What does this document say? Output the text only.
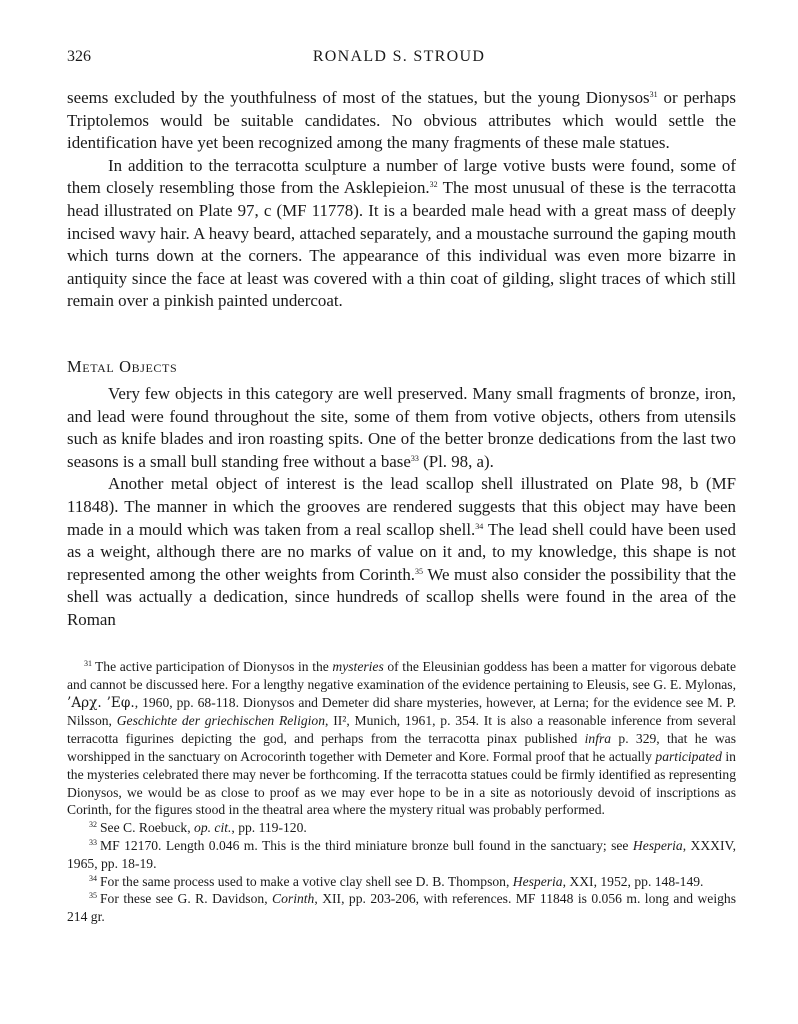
326	RONALD S. STROUD

seems excluded by the youthfulness of most of the statues, but the young Dionysos$^{31}$ or perhaps Triptolemos would be suitable candidates. No obvious attributes which would settle the identification have yet been recognized among the many fragments of these male statues.

In addition to the terracotta sculpture a number of large votive busts were found, some of them closely resembling those from the Asklepieion.$^{32}$ The most unusual of these is the terracotta head illustrated on Plate 97, c (MF 11778). It is a bearded male head with a great mass of deeply incised wavy hair. A heavy beard, attached separately, and a moustache surround the gaping mouth which turns down at the corners. The appearance of this individual was even more bizarre in antiquity since the face at least was covered with a thin coat of gilding, slight traces of which still remain over a pinkish painted undercoat.

Metal Objects

Very few objects in this category are well preserved. Many small fragments of bronze, iron, and lead were found throughout the site, some of them from votive objects, others from utensils such as knife blades and iron roasting spits. One of the better bronze dedications from the last two seasons is a small bull standing free without a base$^{33}$ (Pl. 98, a).

Another metal object of interest is the lead scallop shell illustrated on Plate 98, b (MF 11848). The manner in which the grooves are rendered suggests that this object may have been made in a mould which was taken from a real scallop shell.$^{34}$ The lead shell could have been used as a weight, although there are no marks of value on it and, to my knowledge, this shape is not represented among the other weights from Corinth.$^{35}$ We must also consider the possibility that the shell was actually a dedication, since hundreds of scallop shells were found in the area of the Roman

$^{31}$ The active participation of Dionysos in the mysteries of the Eleusinian goddess has been a matter for vigorous debate and cannot be discussed here. For a lengthy negative examination of the evidence pertaining to Eleusis, see G. E. Mylonas, ’Αρχ. ’Εφ., 1960, pp. 68-118. Dionysos and Demeter did share mysteries, however, at Lerna; for the evidence see M. P. Nilsson, Geschichte der griechischen Religion, II², Munich, 1961, p. 354. It is also a reasonable inference from several terracotta figurines depicting the god, and perhaps from the terracotta pinax published infra p. 329, that he was worshipped in the sanctuary on Acrocorinth together with Demeter and Kore. Formal proof that he actually participated in the mysteries celebrated there may never be forthcoming. If the terracotta statues could be firmly identified as representing Dionysos, we would be as close to proof as we may ever hope to be in a site as notoriously devoid of inscriptions as Corinth, for the figures stood in the theatral area where the mystery ritual was probably performed.

$^{32}$ See C. Roebuck, op. cit., pp. 119-120.

$^{33}$ MF 12170. Length 0.046 m. This is the third miniature bronze bull found in the sanctuary; see Hesperia, XXXIV, 1965, pp. 18-19.

$^{34}$ For the same process used to make a votive clay shell see D. B. Thompson, Hesperia, XXI, 1952, pp. 148-149.

$^{35}$ For these see G. R. Davidson, Corinth, XII, pp. 203-206, with references. MF 11848 is 0.056 m. long and weighs 214 gr.
